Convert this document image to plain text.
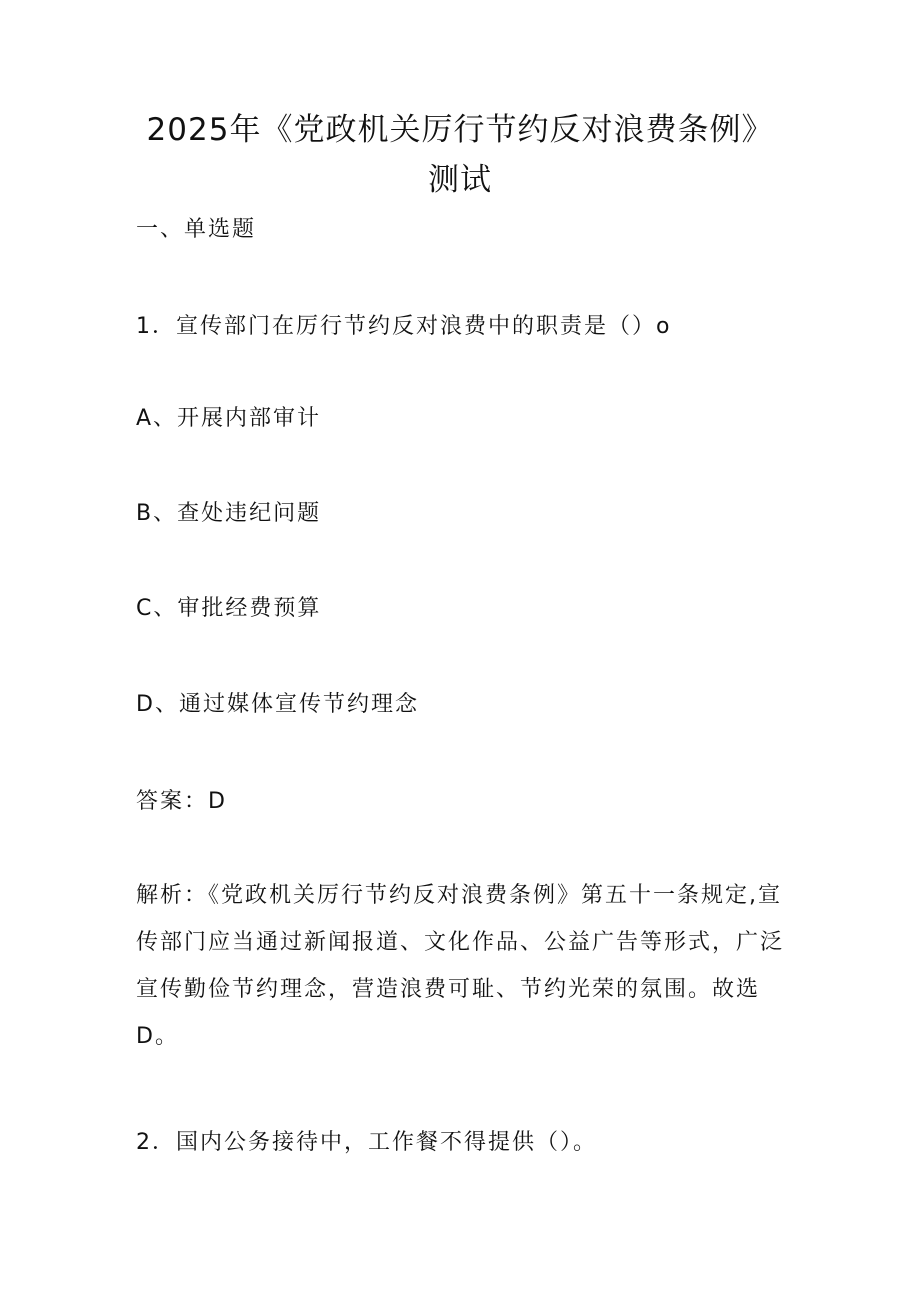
2025年《党政机关厉行节约反对浪费条例》
测试

一、单选题

1．宣传部门在厉行节约反对浪费中的职责是（）o

A、开展内部审计

B、查处违纪问题

C、审批经费预算

D、通过媒体宣传节约理念

答案：D

解析：《党政机关厉行节约反对浪费条例》第五十一条规定,宣传部门应当通过新闻报道、文化作品、公益广告等形式，广泛宣传勤俭节约理念，营造浪费可耻、节约光荣的氛围。故选D。

2．国内公务接待中，工作餐不得提供（）。
